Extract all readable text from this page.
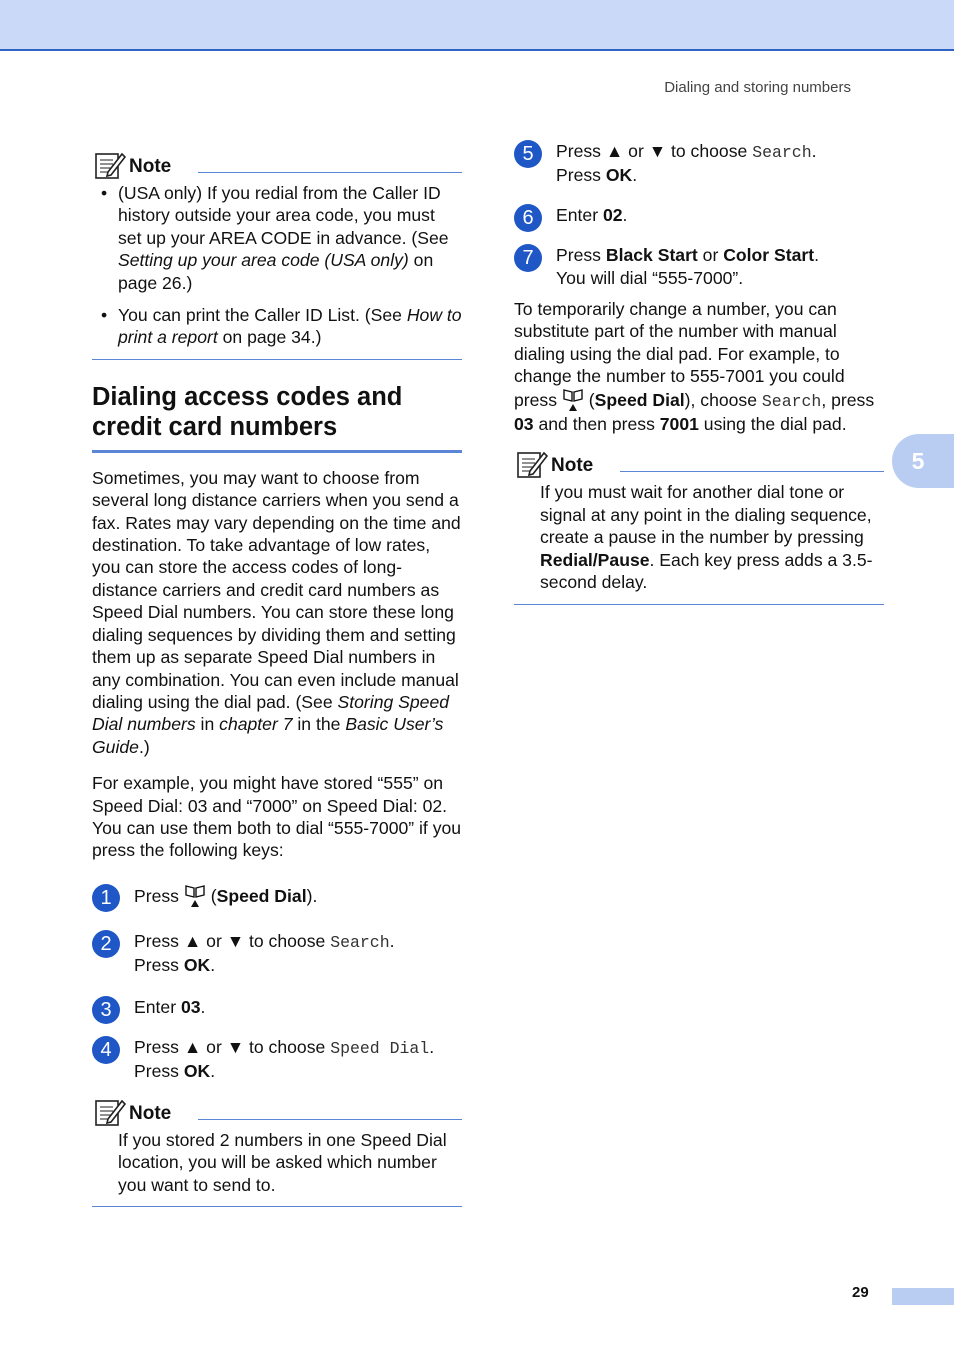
Dialing and storing numbers
5
29
Note
• (USA only) If you redial from the Caller ID history outside your area code, you must set up your AREA CODE in advance. (See Setting up your area code (USA only) on page 26.)
• You can print the Caller ID List. (See How to print a report on page 34.)
Dialing access codes and credit card numbers

Sometimes, you may want to choose from several long distance carriers when you send a fax. Rates may vary depending on the time and destination. To take advantage of low rates, you can store the access codes of long-distance carriers and credit card numbers as Speed Dial numbers. You can store these long dialing sequences by dividing them and setting them up as separate Speed Dial numbers in any combination. You can even include manual dialing using the dial pad. (See Storing Speed Dial numbers in chapter 7 in the Basic User’s Guide.)

For example, you might have stored “555” on Speed Dial: 03 and “7000” on Speed Dial: 02. You can use them both to dial “555-7000” if you press the following keys:

1	Press  (Speed Dial).
2	Press ▲ or ▼ to choose Search.
Press OK.
3	Enter 03.
4	Press ▲ or ▼ to choose Speed Dial.
Press OK.
Note

If you stored 2 numbers in one Speed Dial location, you will be asked which number you want to send to.

5	Press ▲ or ▼ to choose Search.
Press OK.
6	Enter 02.
7	Press Black Start or Color Start.
You will dial “555-7000”.

To temporarily change a number, you can substitute part of the number with manual dialing using the dial pad. For example, to change the number to 555-7001 you could press  (Speed Dial), choose Search, press 03 and then press 7001 using the dial pad.

Note

If you must wait for another dial tone or signal at any point in the dialing sequence, create a pause in the number by pressing Redial/Pause. Each key press adds a 3.5-second delay.
